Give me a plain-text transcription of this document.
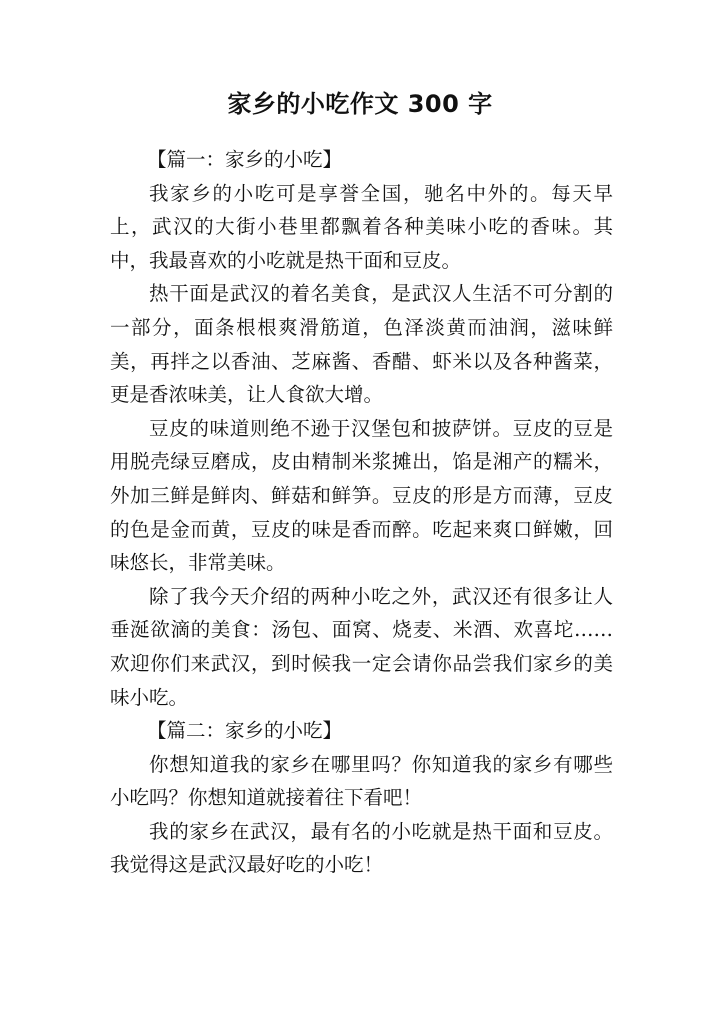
家乡的小吃作文 300 字

【篇一：家乡的小吃】

我家乡的小吃可是享誉全国，驰名中外的。每天早上，武汉的大街小巷里都飘着各种美味小吃的香味。其中，我最喜欢的小吃就是热干面和豆皮。

热干面是武汉的着名美食，是武汉人生活不可分割的一部分，面条根根爽滑筋道，色泽淡黄而油润，滋味鲜美，再拌之以香油、芝麻酱、香醋、虾米以及各种酱菜，更是香浓味美，让人食欲大增。

豆皮的味道则绝不逊于汉堡包和披萨饼。豆皮的豆是用脱壳绿豆磨成，皮由精制米浆摊出，馅是湘产的糯米，外加三鲜是鲜肉、鲜菇和鲜笋。豆皮的形是方而薄，豆皮的色是金而黄，豆皮的味是香而醉。吃起来爽口鲜嫩，回味悠长，非常美味。

除了我今天介绍的两种小吃之外，武汉还有很多让人垂涎欲滴的美食：汤包、面窝、烧麦、米酒、欢喜坨……欢迎你们来武汉，到时候我一定会请你品尝我们家乡的美味小吃。

【篇二：家乡的小吃】

你想知道我的家乡在哪里吗？你知道我的家乡有哪些小吃吗？你想知道就接着往下看吧！

我的家乡在武汉，最有名的小吃就是热干面和豆皮。我觉得这是武汉最好吃的小吃！
